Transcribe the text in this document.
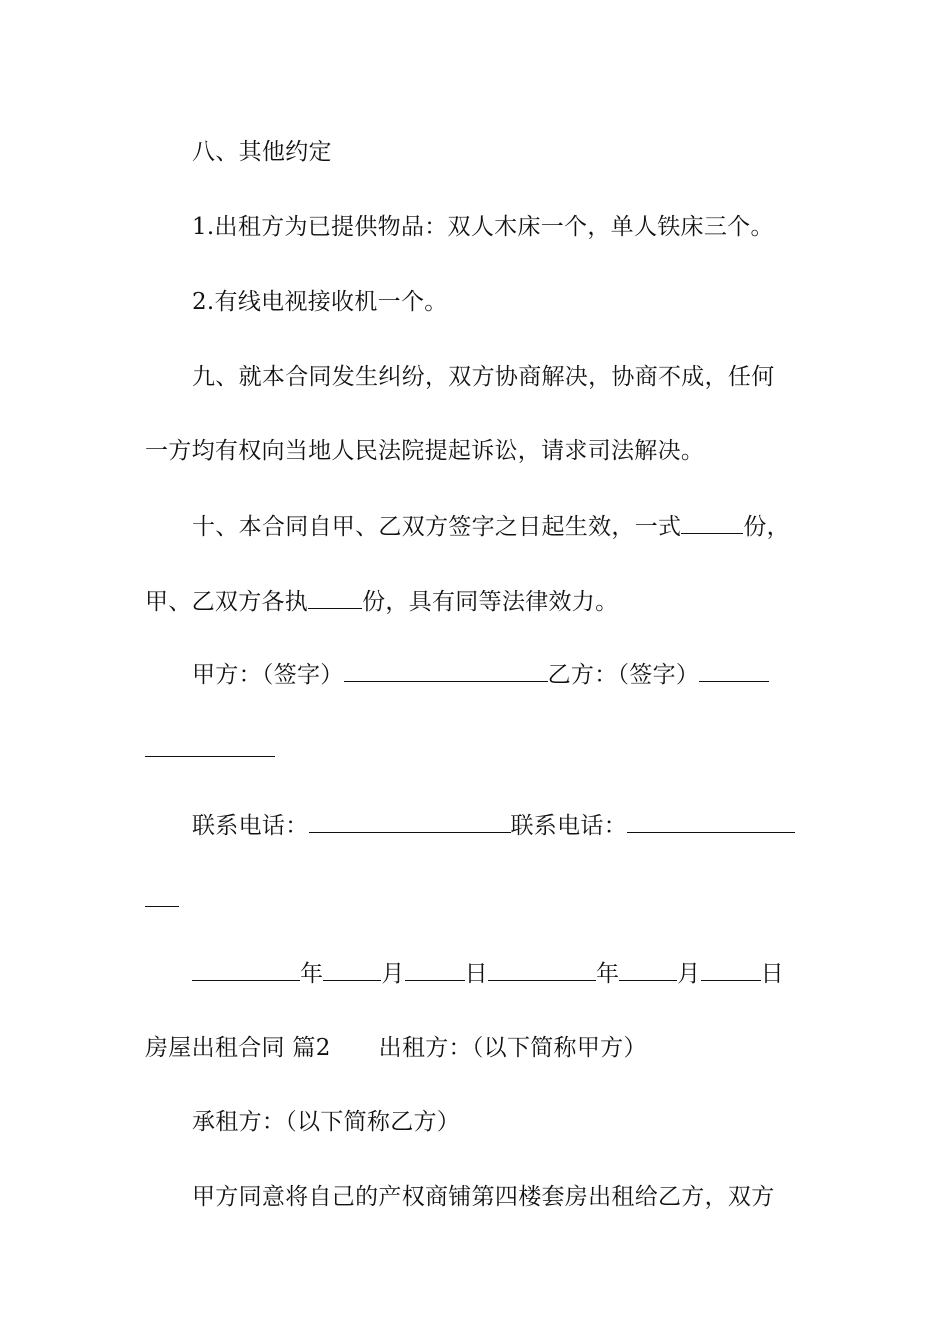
八、其他约定
1.出租方为已提供物品：双人木床一个，单人铁床三个。
2.有线电视接收机一个。
九、就本合同发生纠纷，双方协商解决，协商不成，任何
一方均有权向当地人民法院提起诉讼，请求司法解决。
十、本合同自甲、乙双方签字之日起生效，一式	份，
甲、乙双方各执 份，具有同等法律效力。
甲方：（签字）	乙方：（签字）
联系电话：	联系电话：
年	月	日	年	月	日
房屋出租合同 篇2 出租方：（以下简称甲方）
承租方：（以下简称乙方）
甲方同意将自己的产权商铺第四楼套房出租给乙方，双方
